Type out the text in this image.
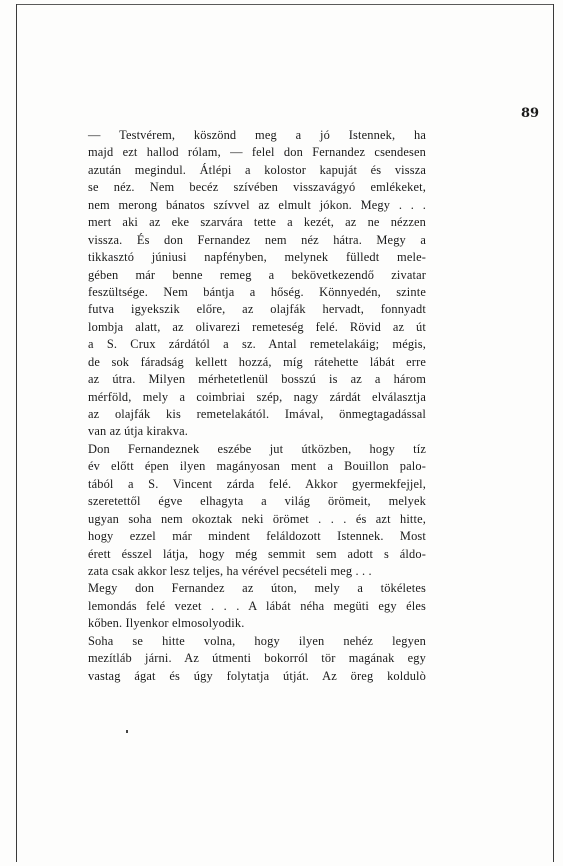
89
— Testvérem, köszönd meg a jó Istennek, ha
majd ezt hallod rólam, — felel don Fernandez csendesen
azután megindul. Átlépi a kolostor kapuját és vissza
se néz. Nem becéz szívében visszavágyó emlékeket,
nem merong bánatos szívvel az elmult jókon. Megy . . .
mert aki az eke szarvára tette a kezét, az ne nézzen
vissza. És don Fernandez nem néz hátra. Megy a
tikkasztó júniusi napfényben, melynek fülledt mele-
gében már benne remeg a bekövetkezendő zivatar
feszültsége. Nem bántja a hőség. Könnyedén, szinte
futva igyekszik előre, az olajfák hervadt, fonnyadt
lombja alatt, az olivarezi remeteség felé. Rövid az út
a S. Crux zárdától a sz. Antal remetelakáig; mégis,
de sok fáradság kellett hozzá, míg rátehette lábát erre
az útra. Milyen mérhetetlenül bosszú is az a három
mérföld, mely a coimbriai szép, nagy zárdát elválasztja
az olajfák kis remetelakától. Imával, önmegtagadással
van az útja kirakva.
Don Fernandeznek eszébe jut útközben, hogy tíz
év előtt épen ilyen magányosan ment a Bouillon palo-
tából a S. Vincent zárda felé. Akkor gyermekfejjel,
szeretettől égve elhagyta a világ örömeit, melyek
ugyan soha nem okoztak neki örömet . . . és azt hitte,
hogy ezzel már mindent feláldozott Istennek. Most
érett ésszel látja, hogy még semmit sem adott s áldo-
zata csak akkor lesz teljes, ha vérével pecsételi meg . . .
Megy don Fernandez az úton, mely a tökéletes
lemondás felé vezet . . . A lábát néha megüti egy éles
kőben. Ilyenkor elmosolyodik.
Soha se hitte volna, hogy ilyen nehéz legyen
mezítláb járni. Az útmenti bokorról tör magának egy
vastag ágat és úgy folytatja útját. Az öreg koldulò
